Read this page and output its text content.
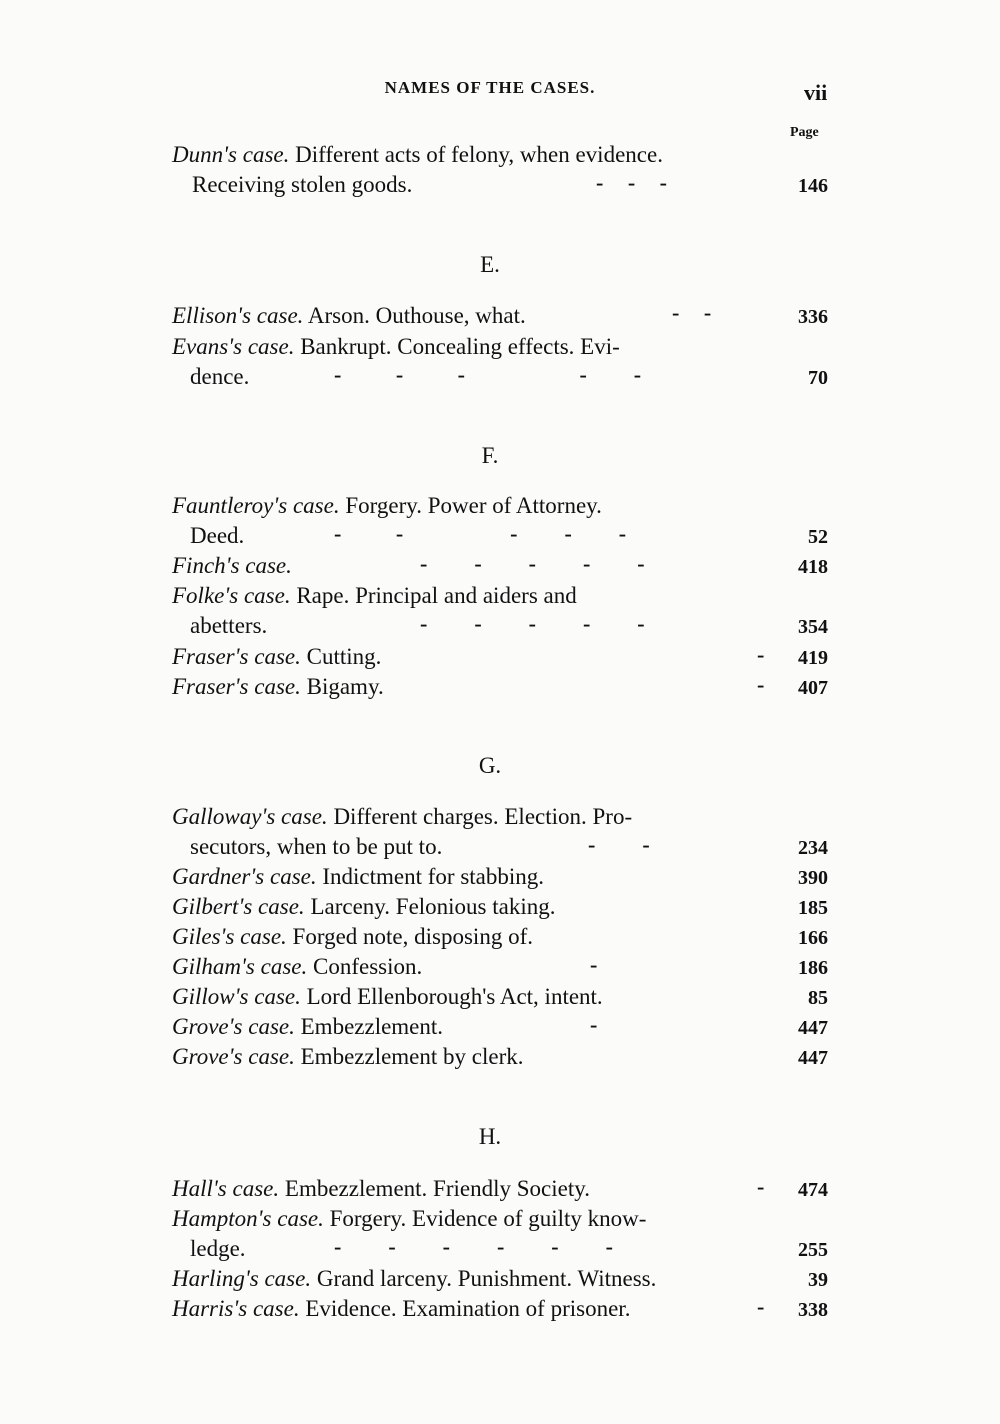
NAMES OF THE CASES.	vii
Page
Dunn's case. Different acts of felony, when evidence.
Receiving stolen goods.	-   -   -	146
E.
Ellison's case. Arson. Outhouse, what.	-   -	336
Evans's case. Bankrupt. Concealing effects. Evi-
dence.	-       -       -               -      -	70
F.
Fauntleroy's case. Forgery. Power of Attorney.
Deed.	-       -              -      -      -	52
Finch's case.	-      -      -      -      -	418
Folke's case. Rape. Principal and aiders and
abetters.	-      -      -      -      -	354
Fraser's case. Cutting.	-	419
Fraser's case. Bigamy.	-	407
G.
Galloway's case. Different charges. Election. Pro-
secutors, when to be put to.	-      -	234
Gardner's case. Indictment for stabbing.	390
Gilbert's case. Larceny. Felonious taking.	185
Giles's case. Forged note, disposing of.	166
Gilham's case. Confession.	-	186
Gillow's case. Lord Ellenborough's Act, intent.	85
Grove's case. Embezzlement.	-	447
Grove's case. Embezzlement by clerk.	447
H.
Hall's case. Embezzlement. Friendly Society.	-	474
Hampton's case. Forgery. Evidence of guilty know-
ledge.	-      -      -      -      -      -	255
Harling's case. Grand larceny. Punishment. Witness.	39
Harris's case. Evidence. Examination of prisoner.	-	338
